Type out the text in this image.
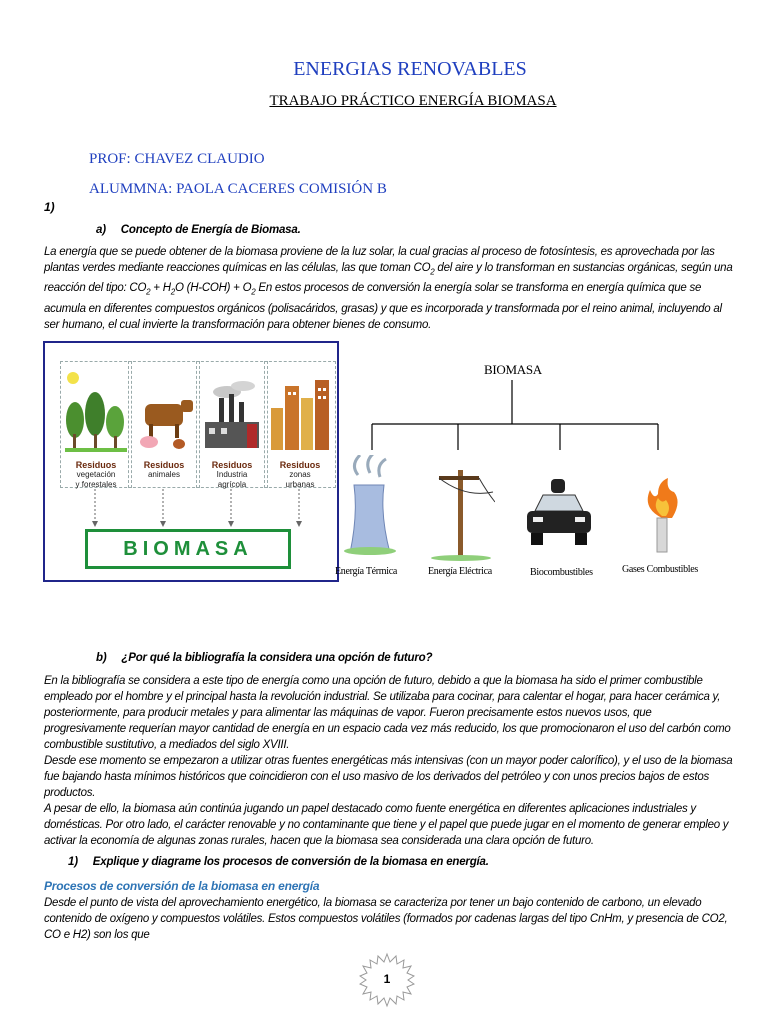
ENERGIAS RENOVABLES
TRABAJO PRÁCTICO ENERGÍA BIOMASA
PROF: CHAVEZ CLAUDIO
ALUMMNA: PAOLA CACERES COMISIÓN B
1)
a)     Concepto de Energía de Biomasa.
La energía que se puede obtener de la biomasa proviene de la luz solar, la cual gracias al proceso de fotosíntesis, es aprovechada por las plantas verdes mediante reacciones químicas en las células, las que toman $CO_2$ del aire y lo transforman en sustancias orgánicas, según una reacción del tipo: $CO_2 + H_2O$ $(H-COH) + O_2$ En estos procesos de conversión la energía solar se transforma en energía química que se acumula en diferentes compuestos orgánicos (polisacáridos, grasas) y que es incorporada y transformada por el reino animal, incluyendo al ser humano, el cual invierte la transformación para obtener bienes de consumo.
Residuos
vegetación
y forestales
Residuos
animales

Residuos
Industria
agrícola
Residuos
zonas
urbanas
BIOMASA
BIOMASA
Energía Térmica	Energía Eléctrica	Biocombustibles	Gases Combustibles
b)     ¿Por qué la bibliografía la considera una opción de futuro?
En la bibliografía se considera a este tipo de energía como una opción de futuro, debido a que la biomasa ha sido el primer combustible empleado por el hombre y el principal hasta la revolución industrial. Se utilizaba para cocinar, para calentar el hogar, para hacer cerámica y, posteriormente, para producir metales y para alimentar las máquinas de vapor. Fueron precisamente estos nuevos usos, que progresivamente requerían mayor cantidad de energía en un espacio cada vez más reducido, los que promocionaron el uso del carbón como combustible sustitutivo, a mediados del siglo XVIII.
Desde ese momento se empezaron a utilizar otras fuentes energéticas más intensivas (con un mayor poder calorífico), y el uso de la biomasa fue bajando hasta mínimos históricos que coincidieron con el uso masivo de los derivados del petróleo y con unos precios bajos de estos productos.
A pesar de ello, la biomasa aún continúa jugando un papel destacado como fuente energética en diferentes aplicaciones industriales y domésticas. Por otro lado, el carácter renovable y no contaminante que tiene y el papel que puede jugar en el momento de generar empleo y activar la economía de algunas zonas rurales, hacen que la biomasa sea considerada una clara opción de futuro.
1)     Explique y diagrame los procesos de conversión de la biomasa en energía.
Procesos de conversión de la biomasa en energía
Desde el punto de vista del aprovechamiento energético, la biomasa se caracteriza por tener un bajo contenido de carbono, un elevado contenido de oxígeno y compuestos volátiles. Estos compuestos volátiles (formados por cadenas largas del tipo CnHm, y presencia de CO2, CO e H2) son los que
1
